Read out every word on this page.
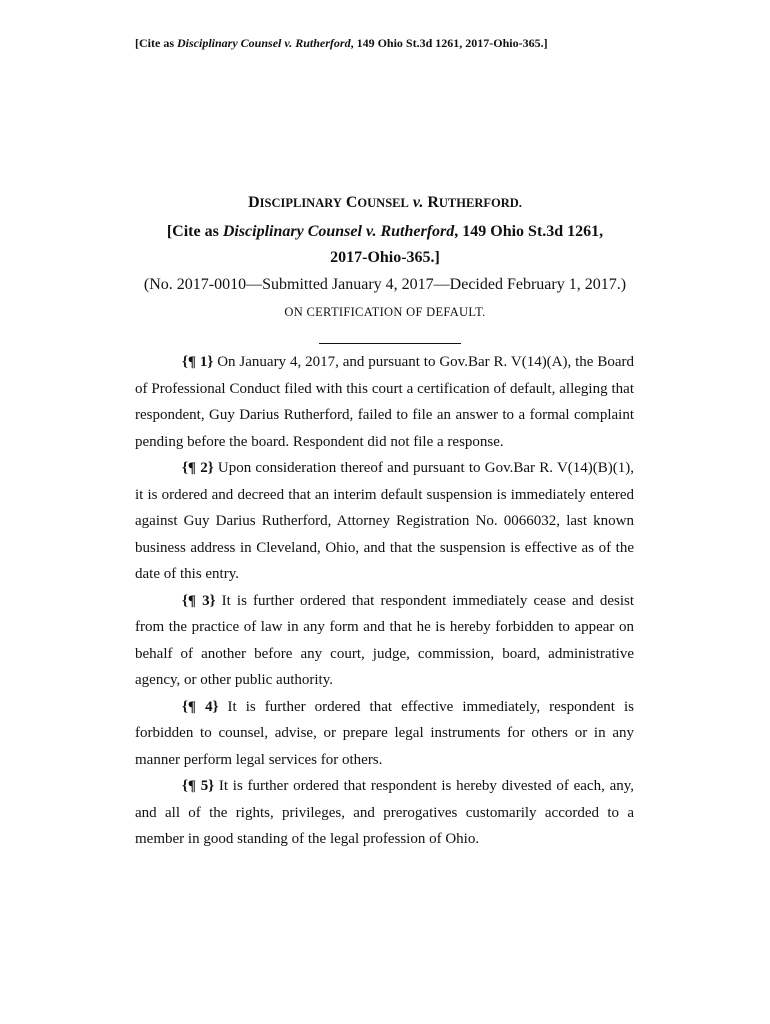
[Cite as Disciplinary Counsel v. Rutherford, 149 Ohio St.3d 1261, 2017-Ohio-365.]
DISCIPLINARY COUNSEL v. RUTHERFORD.
[Cite as Disciplinary Counsel v. Rutherford, 149 Ohio St.3d 1261,
2017-Ohio-365.]
(No. 2017-0010—Submitted January 4, 2017—Decided February 1, 2017.)
ON CERTIFICATION OF DEFAULT.

{¶ 1} On January 4, 2017, and pursuant to Gov.Bar R. V(14)(A), the Board of Professional Conduct filed with this court a certification of default, alleging that respondent, Guy Darius Rutherford, failed to file an answer to a formal complaint pending before the board. Respondent did not file a response.

{¶ 2} Upon consideration thereof and pursuant to Gov.Bar R. V(14)(B)(1), it is ordered and decreed that an interim default suspension is immediately entered against Guy Darius Rutherford, Attorney Registration No. 0066032, last known business address in Cleveland, Ohio, and that the suspension is effective as of the date of this entry.

{¶ 3} It is further ordered that respondent immediately cease and desist from the practice of law in any form and that he is hereby forbidden to appear on behalf of another before any court, judge, commission, board, administrative agency, or other public authority.

{¶ 4} It is further ordered that effective immediately, respondent is forbidden to counsel, advise, or prepare legal instruments for others or in any manner perform legal services for others.

{¶ 5} It is further ordered that respondent is hereby divested of each, any, and all of the rights, privileges, and prerogatives customarily accorded to a member in good standing of the legal profession of Ohio.
